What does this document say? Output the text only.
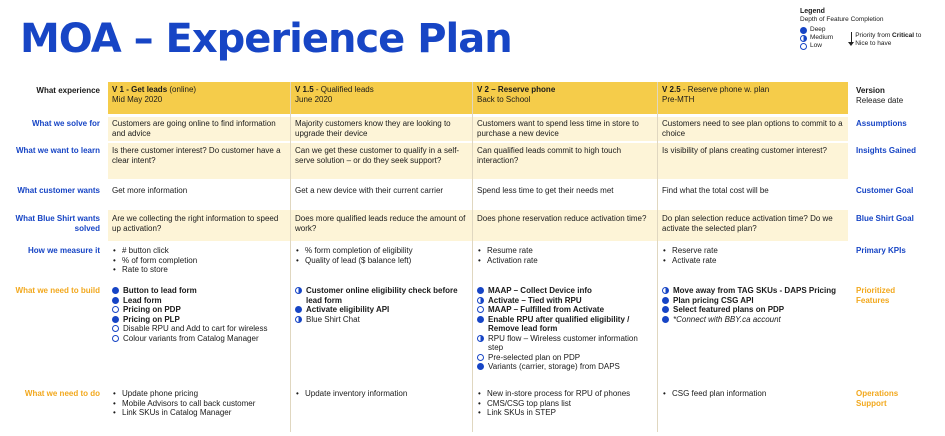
MOA – Experience Plan
Legend
Depth of Feature Completion
Deep
Medium
Low
Priority from Critical to Nice to have
What experience
What we solve for
What we want to learn
What customer wants
What Blue Shirt wants solved
How we measure it
What we need to build
What we need to do
Version
Release date
Assumptions
Insights Gained
Customer Goal
Blue Shirt Goal
Primary KPIs
Prioritized
Features
Operations
Support
V 1 - Get leads (online)
Mid May 2020
Customers are going online to find information and advice
Is there customer interest? Do customer have a clear intent?
Get more information
Are we collecting the right information to speed up activation?
• # button click
• % of form completion
• Rate to store
Button to lead form
Lead form
Pricing on PDP
Pricing on PLP
Disable RPU and Add to cart for wireless
Colour variants from Catalog Manager
• Update phone pricing
• Mobile Advisors to call back customer
• Link SKUs in Catalog Manager
V 1.5 - Qualified leads
June 2020
Majority customers know they are looking to upgrade their device
Can we get these customer to qualify in a self-serve solution – or do they seek support?
Get a new device with their current carrier
Does more qualified leads reduce the amount of work?
• % form completion of eligibility
• Quality of lead ($ balance left)
Customer online eligibility check before lead form
Activate eligibility API
Blue Shirt Chat
• Update inventory information
V 2 – Reserve phone
Back to School
Customers want to spend less time in store to purchase a new device
Can qualified leads commit to high touch interaction?
Spend less time to get their needs met
Does phone reservation reduce activation time?
• Resume rate
• Activation rate
MAAP – Collect Device info
Activate – Tied with RPU
MAAP – Fulfilled from Activate
Enable RPU after qualified eligibility / Remove lead form
RPU flow – Wireless customer information step
Pre-selected plan on PDP
Variants (carrier, storage) from DAPS
• New in-store process for RPU of phones
• CMS/CSG top plans list
• Link SKUs in STEP
V 2.5 - Reserve phone w. plan
Pre-MTH
Customers need to see plan options to commit to a choice
Is visibility of plans creating customer interest?
Find what the total cost will be
Do plan selection reduce activation time? Do we activate the selected plan?
• Reserve rate
• Activate rate
Move away from TAG SKUs - DAPS Pricing
Plan pricing CSG API
Select featured plans on PDP
*Connect with BBY.ca account
• CSG feed plan information
